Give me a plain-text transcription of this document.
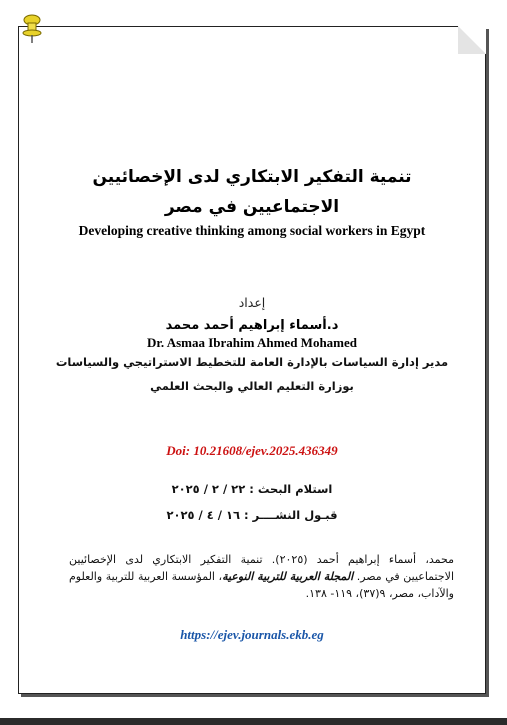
تنمية التفكير الابتكاري لدى الإخصائيين الاجتماعيين في مصر
Developing creative thinking among social workers in Egypt
إعداد
د.أسماء إبراهيم أحمد محمد
Dr. Asmaa Ibrahim Ahmed Mohamed
مدير إدارة السياسات بالإدارة العامة للتخطيط الاستراتيجي والسياسات
بوزارة التعليم العالي والبحث العلمي
Doi: 10.21608/ejev.2025.436349
استلام البحث : ٢٢ / ٢ / ٢٠٢٥
قبـول النشــــر : ١٦ / ٤ / ٢٠٢٥
محمد، أسماء إبراهيم أحمد (٢٠٢٥). تنمية التفكير الابتكاري لدى الإخصائيين الاجتماعيين في مصر. المجلة العربية للتربية النوعية، المؤسسة العربية للتربية والعلوم والآداب، مصر، ٩(٣٧)، ١١٩- ١٣٨.
https://ejev.journals.ekb.eg
